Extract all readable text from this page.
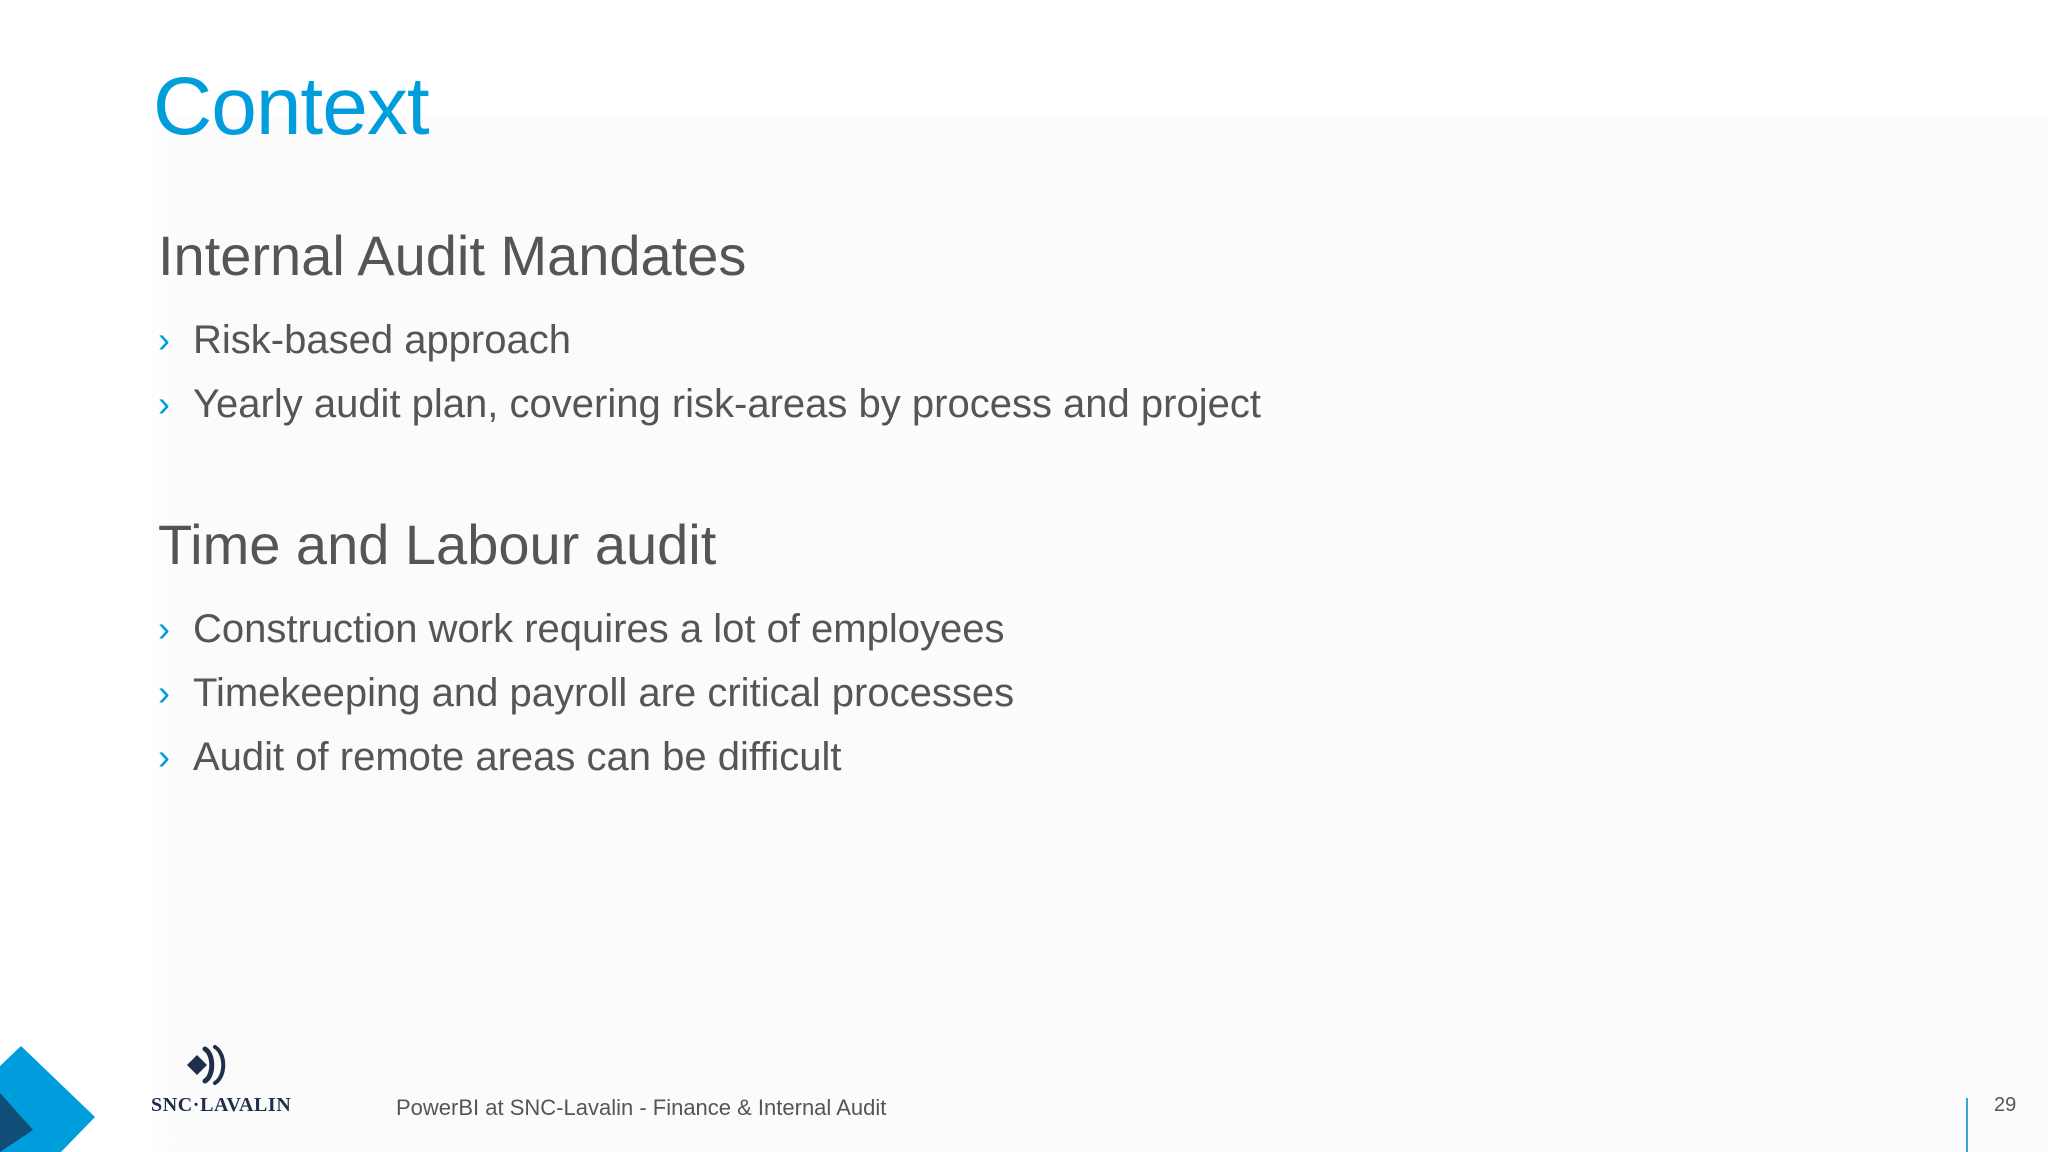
Context
Internal Audit Mandates
› Risk-based approach
› Yearly audit plan, covering risk-areas by process and project
Time and Labour audit
› Construction work requires a lot of employees
› Timekeeping and payroll are critical processes
› Audit of remote areas can be difficult
SNC·LAVALIN	PowerBI at SNC-Lavalin - Finance & Internal Audit	29
